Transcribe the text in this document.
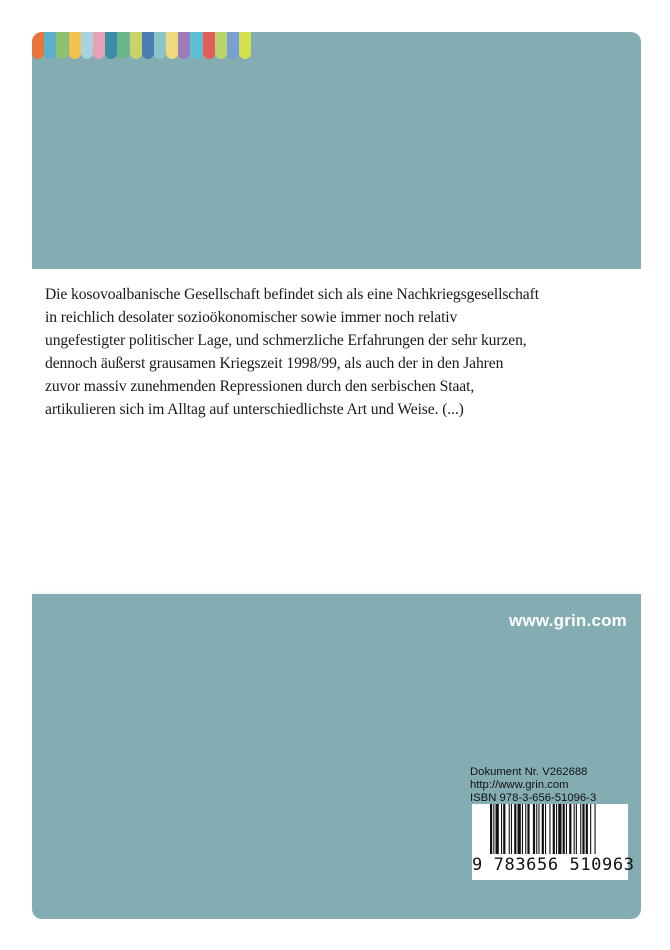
Die kosovoalbanische Gesellschaft befindet sich als eine Nachkriegsgesellschaft
in reichlich desolater sozioökonomischer sowie immer noch relativ
ungefestigter politischer Lage, und schmerzliche Erfahrungen der sehr kurzen,
dennoch äußerst grausamen Kriegszeit 1998/99, als auch der in den Jahren
zuvor massiv zunehmenden Repressionen durch den serbischen Staat,
artikulieren sich im Alltag auf unterschiedlichste Art und Weise. (...)

www.grin.com

Dokument Nr. V262688
http://www.grin.com
ISBN 978-3-656-51096-3
9 783656 510963
